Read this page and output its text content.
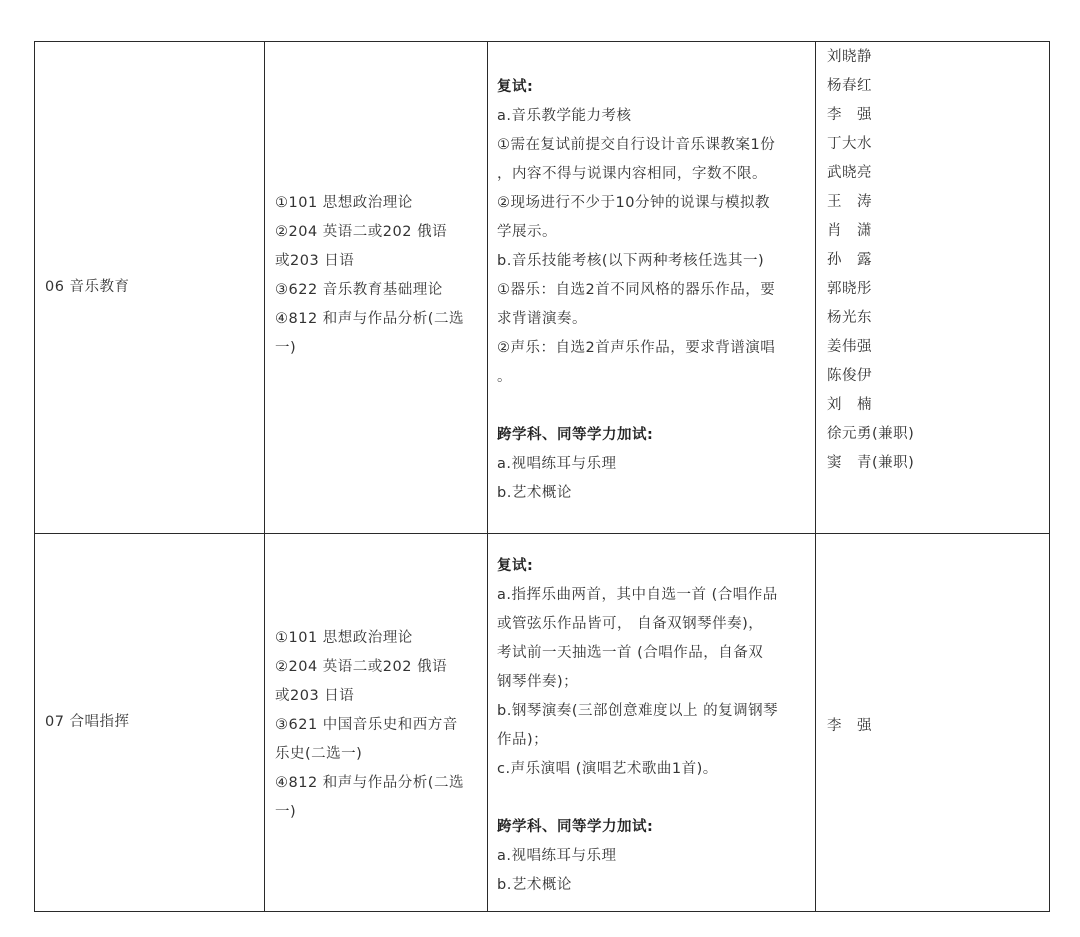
06 音乐教育
①101 思想政治理论
②204 英语二或202 俄语
或203 日语
③622 音乐教育基础理论
④812 和声与作品分析(二选
一)
复试:
a.音乐教学能力考核
①需在复试前提交自行设计音乐课教案1份
，内容不得与说课内容相同，字数不限。
②现场进行不少于10分钟的说课与模拟教
学展示。
b.音乐技能考核(以下两种考核任选其一)
①器乐：自选2首不同风格的器乐作品，要
求背谱演奏。
②声乐：自选2首声乐作品，要求背谱演唱
。
跨学科、同等学力加试:
a.视唱练耳与乐理
b.艺术概论
刘晓静
杨春红
李　强
丁大水
武晓亮
王　涛
肖　潇
孙　露
郭晓彤
杨光东
姜伟强
陈俊伊
刘　楠
徐元勇(兼职)
窦　青(兼职)
07 合唱指挥
①101 思想政治理论
②204 英语二或202 俄语
或203 日语
③621 中国音乐史和西方音
乐史(二选一)
④812 和声与作品分析(二选
一)
复试:
a.指挥乐曲两首，其中自选一首 (合唱作品
或管弦乐作品皆可， 自备双钢琴伴奏)，
考试前一天抽选一首 (合唱作品，自备双
钢琴伴奏)；
b.钢琴演奏(三部创意难度以上 的复调钢琴
作品)；
c.声乐演唱 (演唱艺术歌曲1首)。
跨学科、同等学力加试:
a.视唱练耳与乐理
b.艺术概论
李　强
